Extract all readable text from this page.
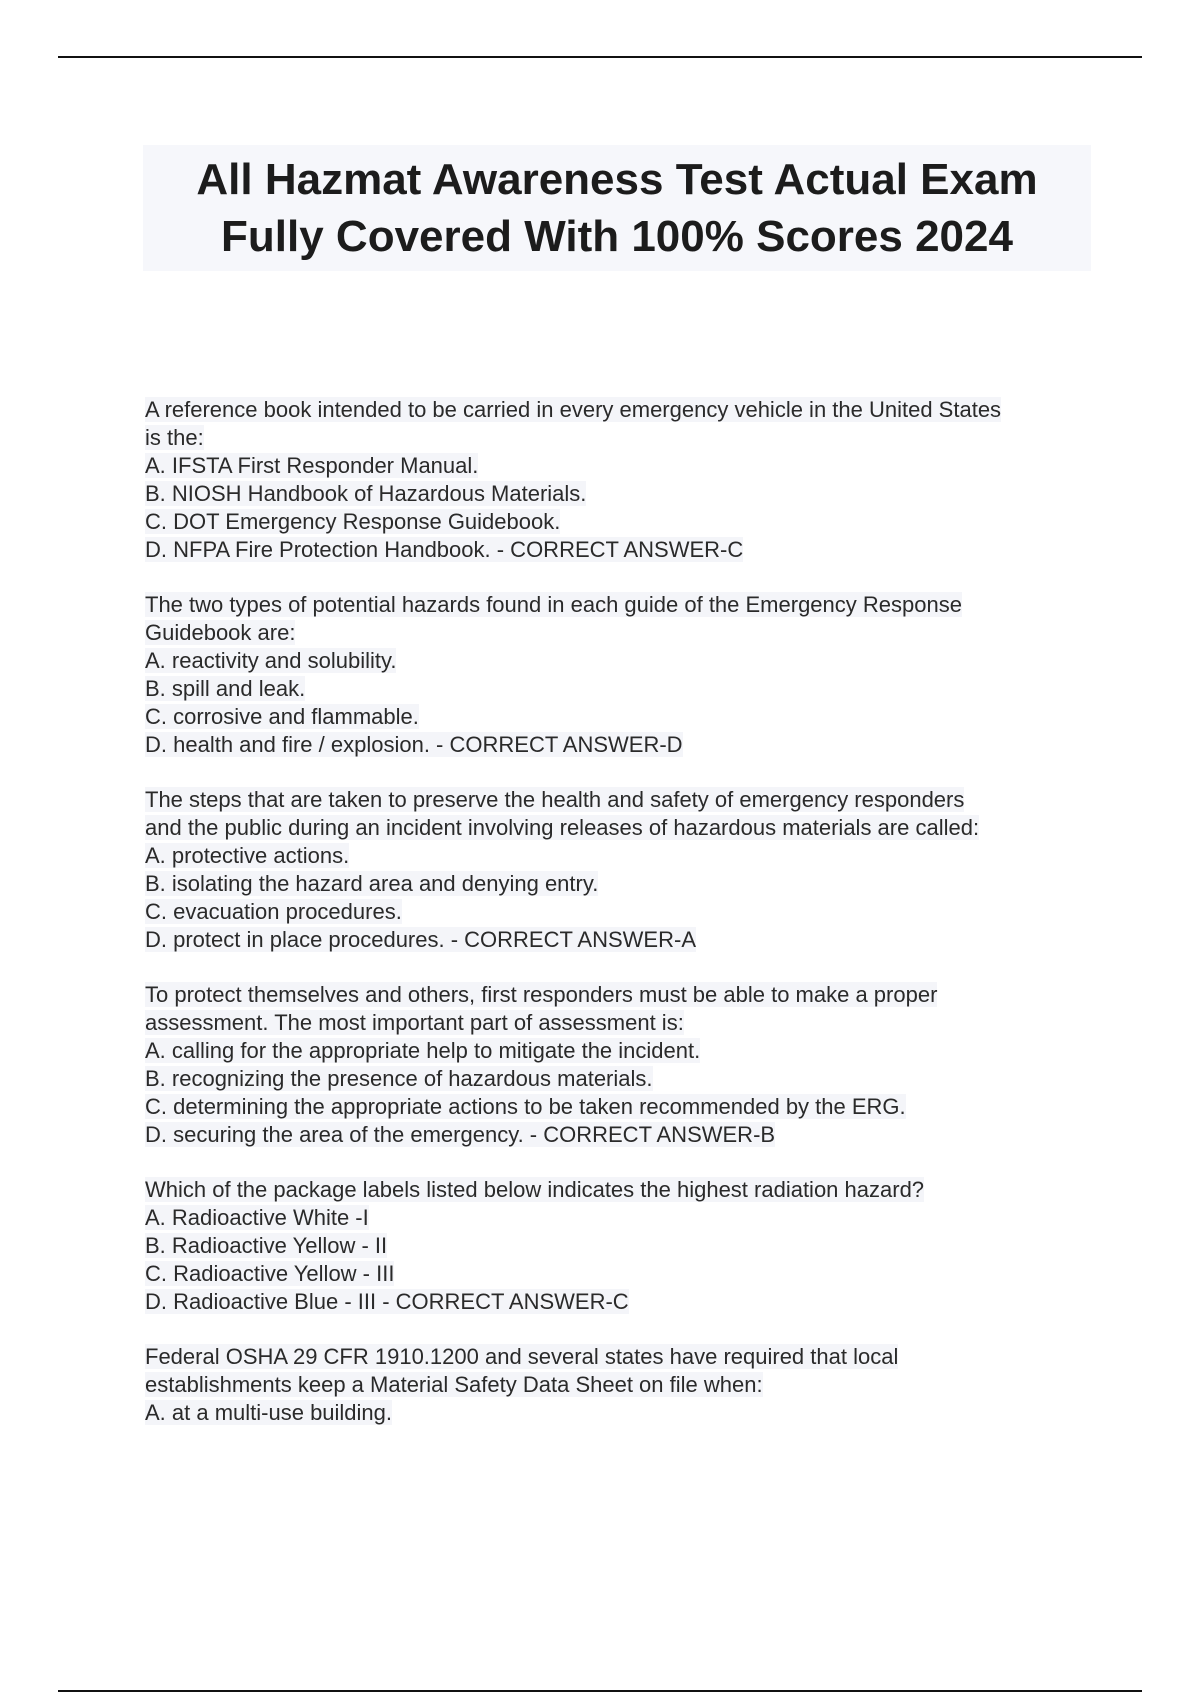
All Hazmat Awareness Test Actual Exam
Fully Covered With 100% Scores 2024
A reference book intended to be carried in every emergency vehicle in the United States
is the:
A. IFSTA First Responder Manual.
B. NIOSH Handbook of Hazardous Materials.
C. DOT Emergency Response Guidebook.
D. NFPA Fire Protection Handbook. - CORRECT ANSWER-C
The two types of potential hazards found in each guide of the Emergency Response
Guidebook are:
A. reactivity and solubility.
B. spill and leak.
C. corrosive and flammable.
D. health and fire / explosion. - CORRECT ANSWER-D
The steps that are taken to preserve the health and safety of emergency responders
and the public during an incident involving releases of hazardous materials are called:
A. protective actions.
B. isolating the hazard area and denying entry.
C. evacuation procedures.
D. protect in place procedures. - CORRECT ANSWER-A
To protect themselves and others, first responders must be able to make a proper
assessment. The most important part of assessment is:
A. calling for the appropriate help to mitigate the incident.
B. recognizing the presence of hazardous materials.
C. determining the appropriate actions to be taken recommended by the ERG.
D. securing the area of the emergency. - CORRECT ANSWER-B
Which of the package labels listed below indicates the highest radiation hazard?
A. Radioactive White -I
B. Radioactive Yellow - II
C. Radioactive Yellow - III
D. Radioactive Blue - III - CORRECT ANSWER-C
Federal OSHA 29 CFR 1910.1200 and several states have required that local
establishments keep a Material Safety Data Sheet on file when:
A. at a multi-use building.
